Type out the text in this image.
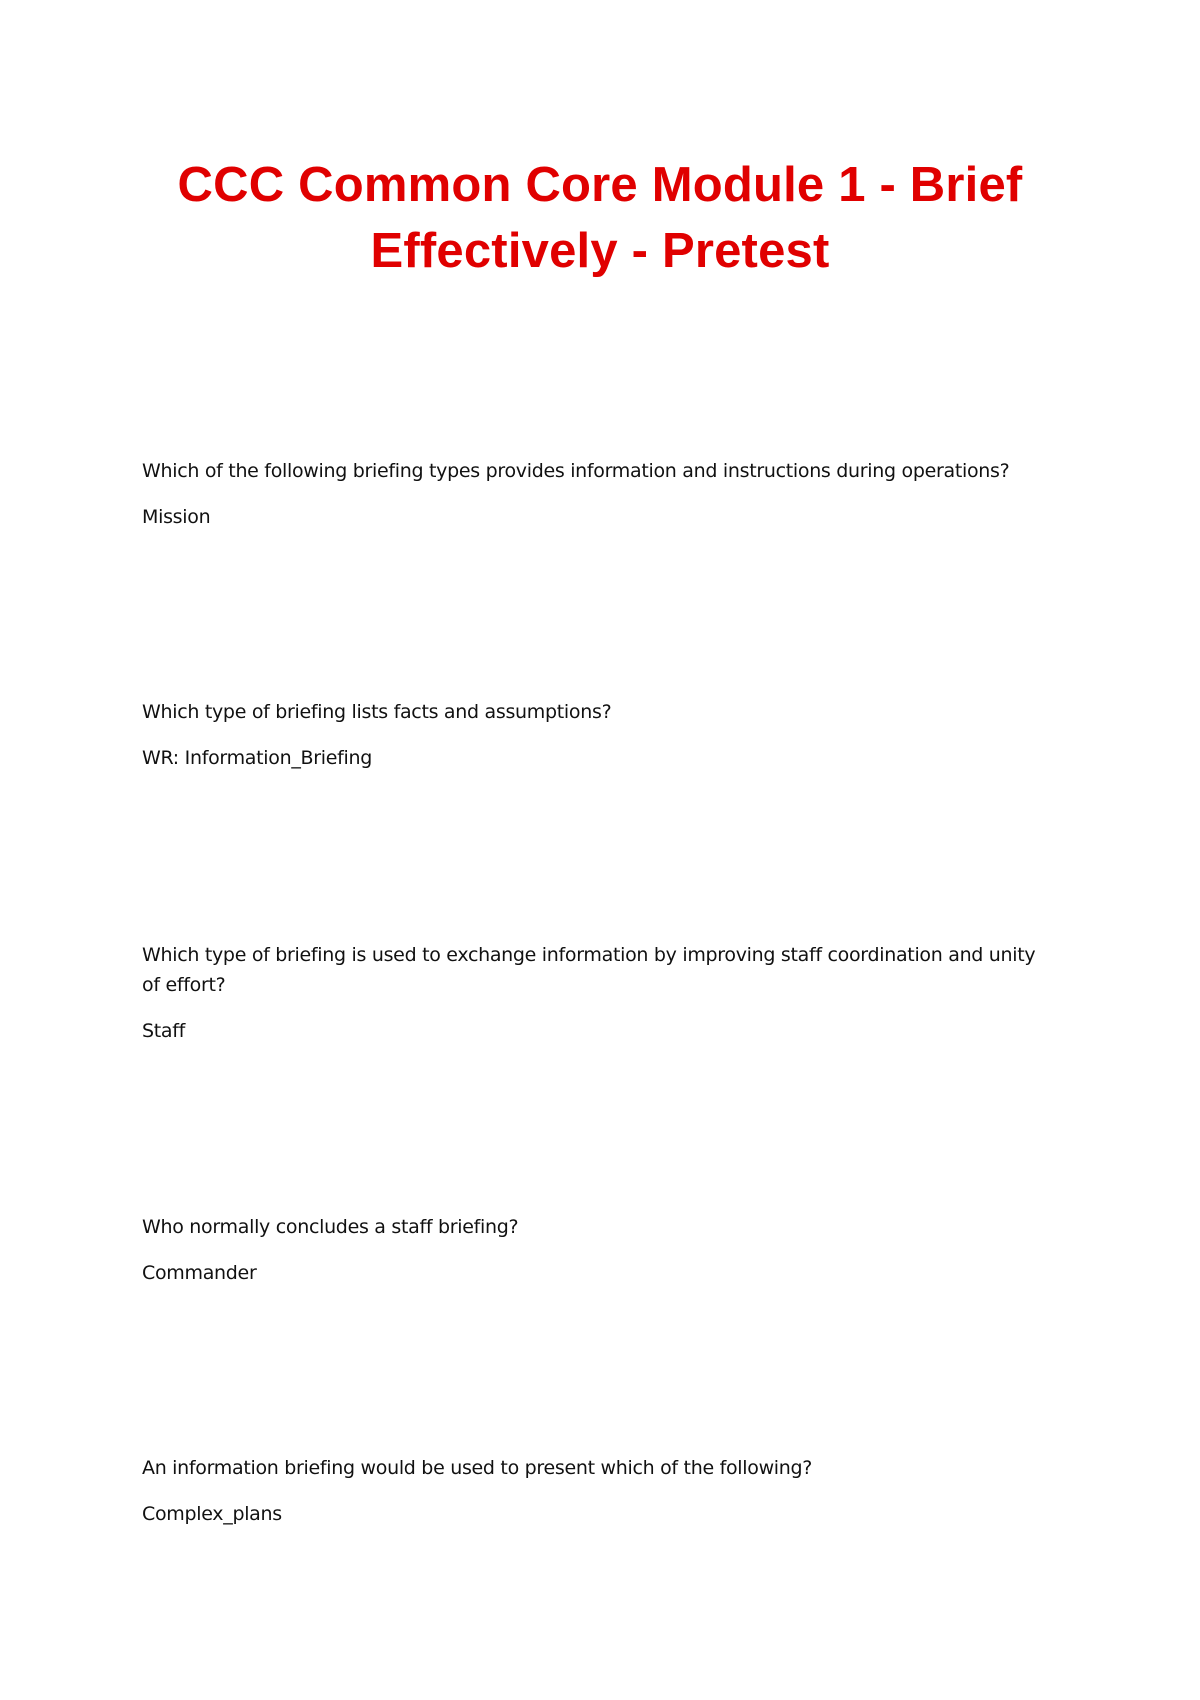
CCC Common Core Module 1 - Brief
Effectively - Pretest

Which of the following briefing types provides information and instructions during operations?

Mission

Which type of briefing lists facts and assumptions?

WR: Information_Briefing

Which type of briefing is used to exchange information by improving staff coordination and unity of effort?

Staff

Who normally concludes a staff briefing?

Commander

An information briefing would be used to present which of the following?

Complex_plans
